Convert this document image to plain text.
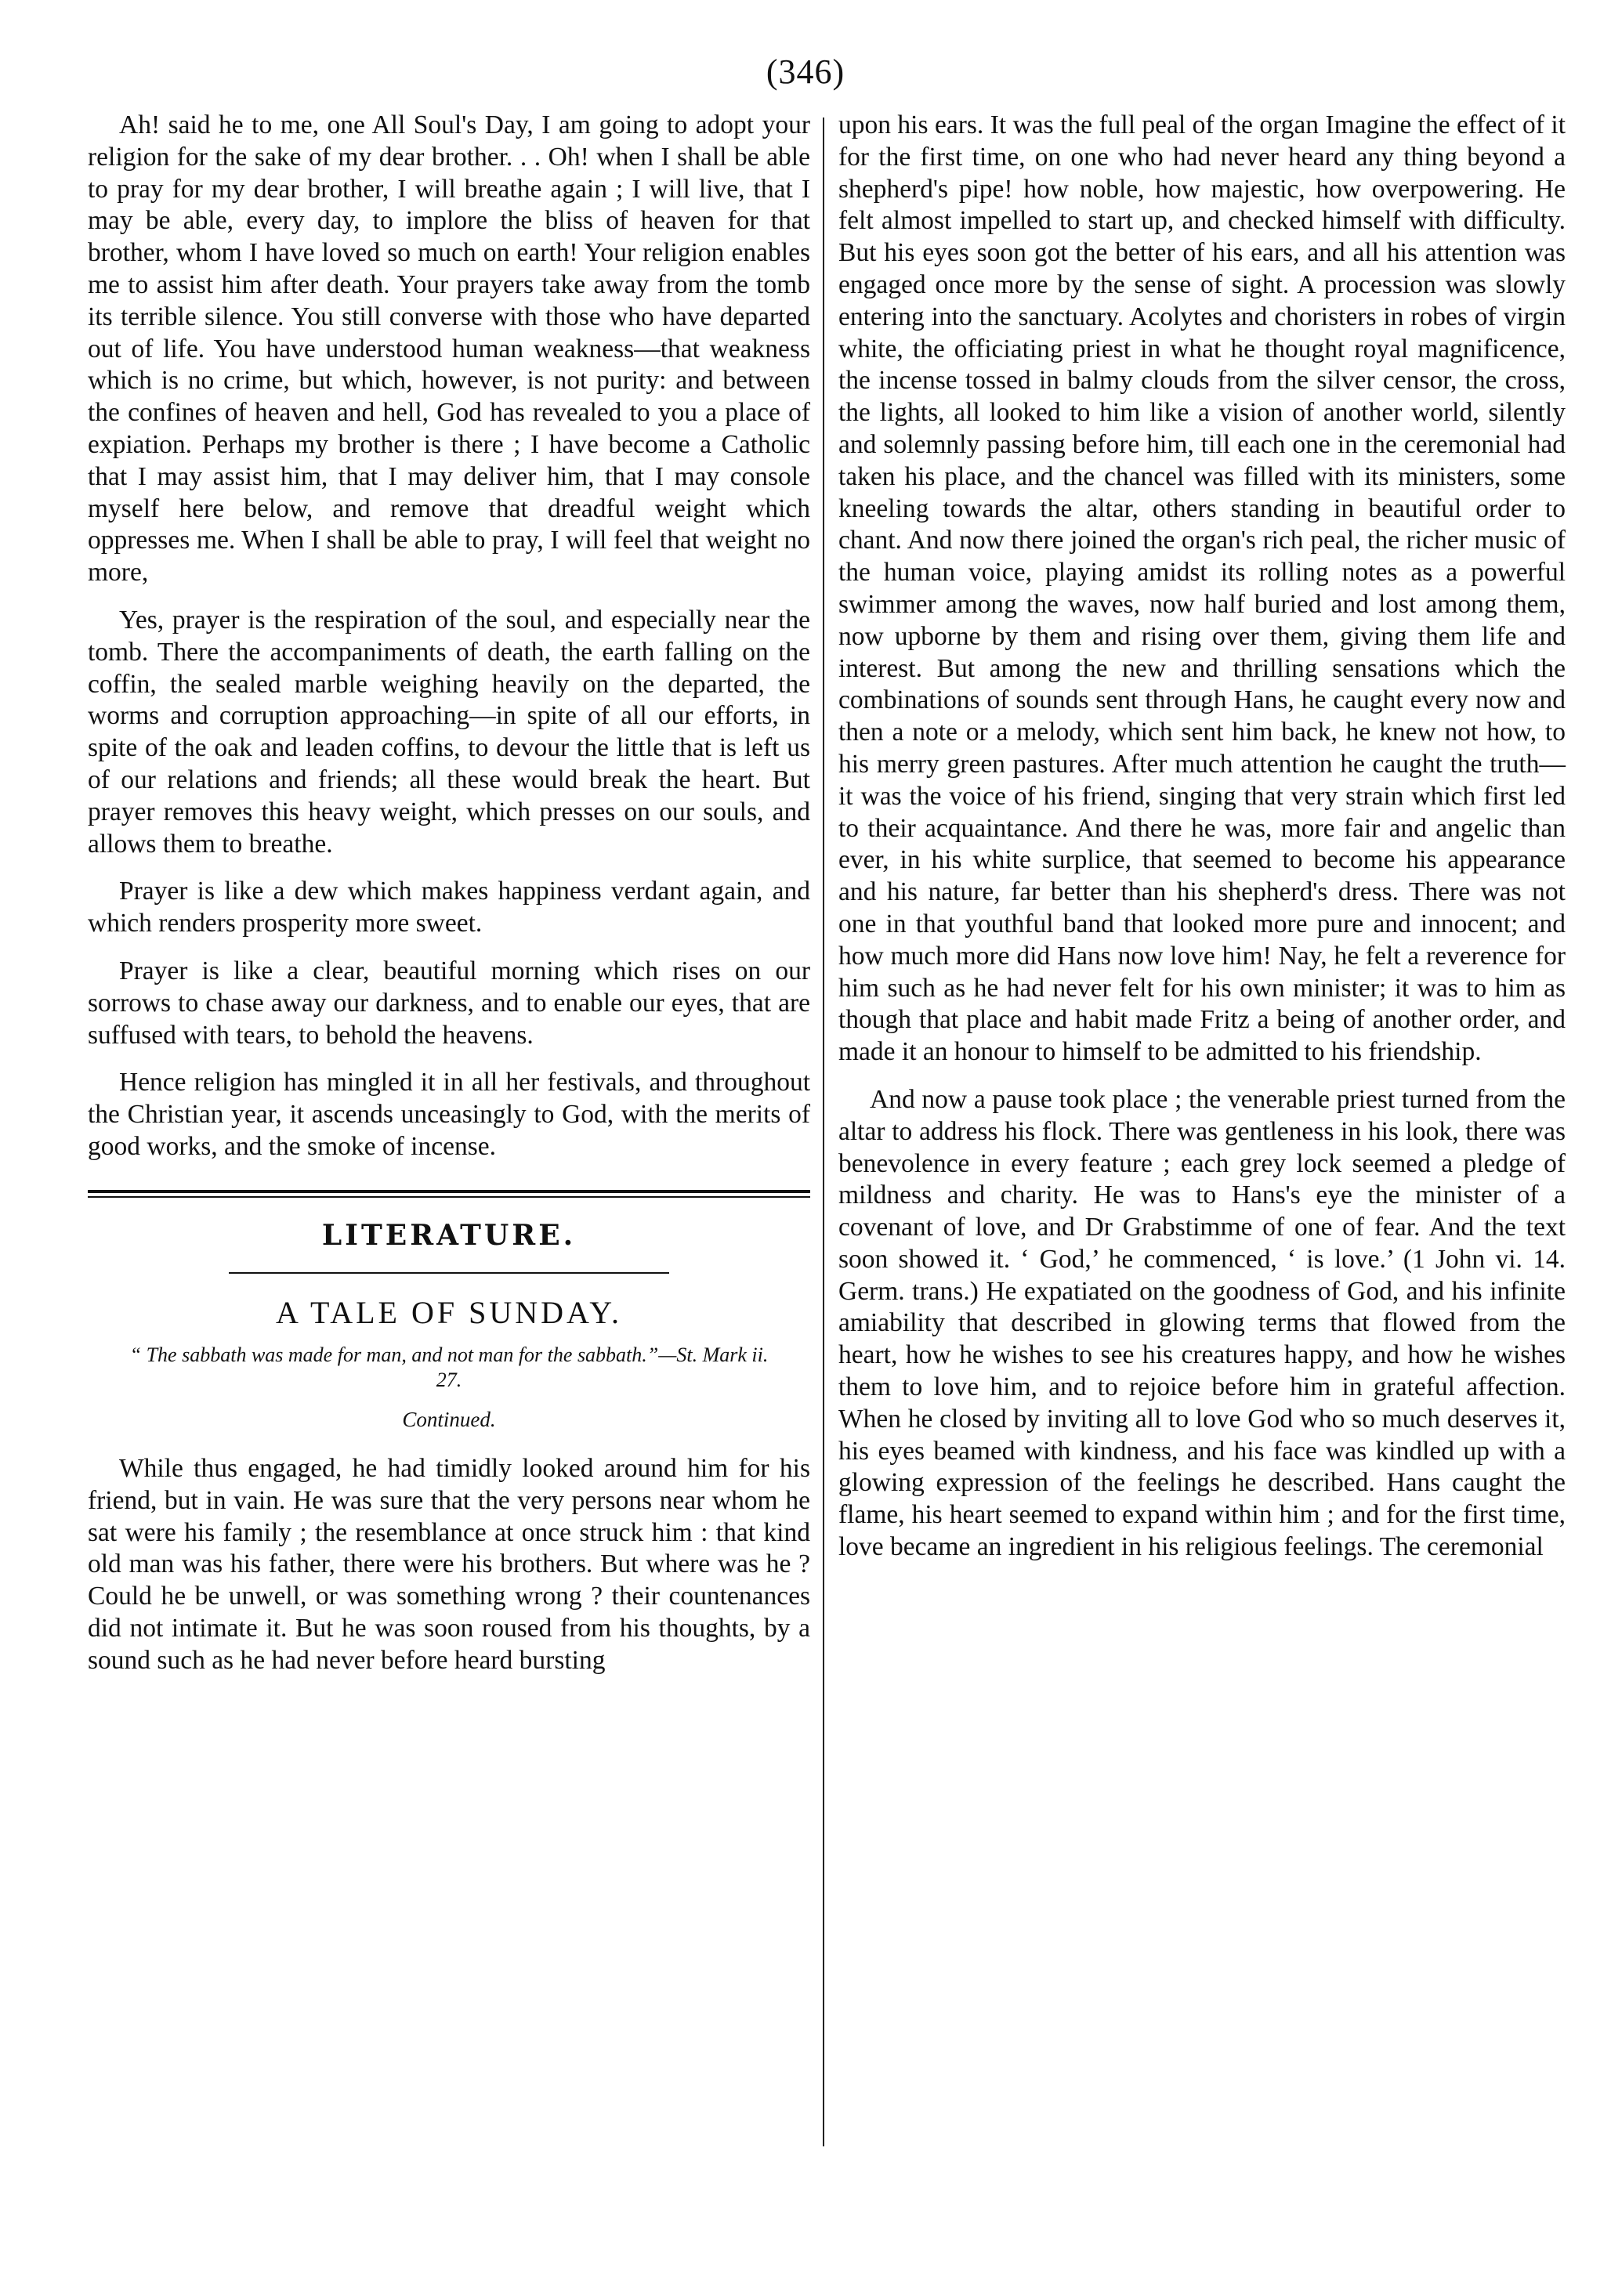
(346)

Ah! said he to me, one All Soul's Day, I am going to adopt your religion for the sake of my dear brother. . . Oh! when I shall be able to pray for my dear brother, I will breathe again ; I will live, that I may be able, every day, to implore the bliss of heaven for that brother, whom I have loved so much on earth! Your religion enables me to assist him after death. Your prayers take away from the tomb its terrible silence. You still converse with those who have departed out of life. You have understood human weakness—that weakness which is no crime, but which, however, is not purity: and between the confines of heaven and hell, God has revealed to you a place of expiation. Perhaps my brother is there ; I have become a Catholic that I may assist him, that I may deliver him, that I may console myself here below, and remove that dreadful weight which oppresses me. When I shall be able to pray, I will feel that weight no more,

Yes, prayer is the respiration of the soul, and especially near the tomb. There the accompaniments of death, the earth falling on the coffin, the sealed marble weighing heavily on the departed, the worms and corruption approaching—in spite of all our efforts, in spite of the oak and leaden coffins, to devour the little that is left us of our relations and friends; all these would break the heart. But prayer removes this heavy weight, which presses on our souls, and allows them to breathe.

Prayer is like a dew which makes happiness verdant again, and which renders prosperity more sweet.

Prayer is like a clear, beautiful morning which rises on our sorrows to chase away our darkness, and to enable our eyes, that are suffused with tears, to behold the heavens.

Hence religion has mingled it in all her festivals, and throughout the Christian year, it ascends unceasingly to God, with the merits of good works, and the smoke of incense.

LITERATURE.
A TALE OF SUNDAY.
“ The sabbath was made for man, and not man for the sabbath.”—St. Mark ii. 27.
Continued.

While thus engaged, he had timidly looked around him for his friend, but in vain. He was sure that the very persons near whom he sat were his family ; the resemblance at once struck him : that kind old man was his father, there were his brothers. But where was he ? Could he be unwell, or was something wrong ? their countenances did not intimate it. But he was soon roused from his thoughts, by a sound such as he had never before heard bursting

upon his ears. It was the full peal of the organ Imagine the effect of it for the first time, on one who had never heard any thing beyond a shepherd's pipe! how noble, how majestic, how overpowering. He felt almost impelled to start up, and checked himself with difficulty. But his eyes soon got the better of his ears, and all his attention was engaged once more by the sense of sight. A procession was slowly entering into the sanctuary. Acolytes and choristers in robes of virgin white, the officiating priest in what he thought royal magnificence, the incense tossed in balmy clouds from the silver censor, the cross, the lights, all looked to him like a vision of another world, silently and solemnly passing before him, till each one in the ceremonial had taken his place, and the chancel was filled with its ministers, some kneeling towards the altar, others standing in beautiful order to chant. And now there joined the organ's rich peal, the richer music of the human voice, playing amidst its rolling notes as a powerful swimmer among the waves, now half buried and lost among them, now upborne by them and rising over them, giving them life and interest. But among the new and thrilling sensations which the combinations of sounds sent through Hans, he caught every now and then a note or a melody, which sent him back, he knew not how, to his merry green pastures. After much attention he caught the truth—it was the voice of his friend, singing that very strain which first led to their acquaintance. And there he was, more fair and angelic than ever, in his white surplice, that seemed to become his appearance and his nature, far better than his shepherd's dress. There was not one in that youthful band that looked more pure and innocent; and how much more did Hans now love him! Nay, he felt a reverence for him such as he had never felt for his own minister; it was to him as though that place and habit made Fritz a being of another order, and made it an honour to himself to be admitted to his friendship.

And now a pause took place ; the venerable priest turned from the altar to address his flock. There was gentleness in his look, there was benevolence in every feature ; each grey lock seemed a pledge of mildness and charity. He was to Hans's eye the minister of a covenant of love, and Dr Grabstimme of one of fear. And the text soon showed it. ‘ God,’ he commenced, ‘ is love.’ (1 John vi. 14. Germ. trans.) He expatiated on the goodness of God, and his infinite amiability that described in glowing terms that flowed from the heart, how he wishes to see his creatures happy, and how he wishes them to love him, and to rejoice before him in grateful affection. When he closed by inviting all to love God who so much deserves it, his eyes beamed with kindness, and his face was kindled up with a glowing expression of the feelings he described. Hans caught the flame, his heart seemed to expand within him ; and for the first time, love became an ingredient in his religious feelings. The ceremonial
